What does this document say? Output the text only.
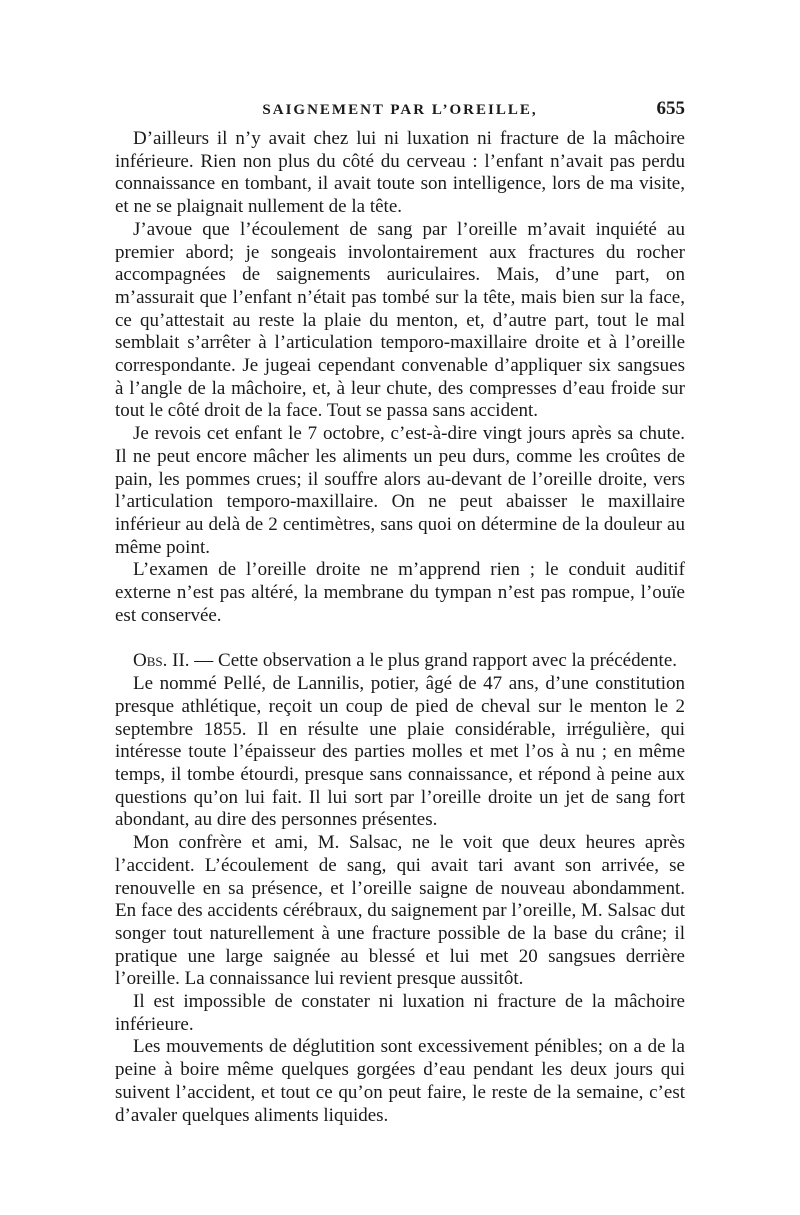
SAIGNEMENT PAR L’OREILLE,	655

D’ailleurs il n’y avait chez lui ni luxation ni fracture de la mâchoire inférieure. Rien non plus du côté du cerveau : l’enfant n’avait pas perdu connaissance en tombant, il avait toute son intelligence, lors de ma visite, et ne se plaignait nullement de la tête.

J’avoue que l’écoulement de sang par l’oreille m’avait inquiété au premier abord; je songeais involontairement aux fractures du rocher accompagnées de saignements auriculaires. Mais, d’une part, on m’assurait que l’enfant n’était pas tombé sur la tête, mais bien sur la face, ce qu’attestait au reste la plaie du menton, et, d’autre part, tout le mal semblait s’arrêter à l’articulation temporo-maxillaire droite et à l’oreille correspondante. Je jugeai cependant convenable d’appliquer six sangsues à l’angle de la mâchoire, et, à leur chute, des compresses d’eau froide sur tout le côté droit de la face. Tout se passa sans accident.

Je revois cet enfant le 7 octobre, c’est-à-dire vingt jours après sa chute. Il ne peut encore mâcher les aliments un peu durs, comme les croûtes de pain, les pommes crues; il souffre alors au-devant de l’oreille droite, vers l’articulation temporo-maxillaire. On ne peut abaisser le maxillaire inférieur au delà de 2 centimètres, sans quoi on détermine de la douleur au même point.

L’examen de l’oreille droite ne m’apprend rien ; le conduit auditif externe n’est pas altéré, la membrane du tympan n’est pas rompue, l’ouïe est conservée.

Obs. II. — Cette observation a le plus grand rapport avec la précédente.

Le nommé Pellé, de Lannilis, potier, âgé de 47 ans, d’une constitution presque athlétique, reçoit un coup de pied de cheval sur le menton le 2 septembre 1855. Il en résulte une plaie considérable, irrégulière, qui intéresse toute l’épaisseur des parties molles et met l’os à nu ; en même temps, il tombe étourdi, presque sans connaissance, et répond à peine aux questions qu’on lui fait. Il lui sort par l’oreille droite un jet de sang fort abondant, au dire des personnes présentes.

Mon confrère et ami, M. Salsac, ne le voit que deux heures après l’accident. L’écoulement de sang, qui avait tari avant son arrivée, se renouvelle en sa présence, et l’oreille saigne de nouveau abondamment. En face des accidents cérébraux, du saignement par l’oreille, M. Salsac dut songer tout naturellement à une fracture possible de la base du crâne; il pratique une large saignée au blessé et lui met 20 sangsues derrière l’oreille. La connaissance lui revient presque aussitôt.

Il est impossible de constater ni luxation ni fracture de la mâchoire inférieure.

Les mouvements de déglutition sont excessivement pénibles; on a de la peine à boire même quelques gorgées d’eau pendant les deux jours qui suivent l’accident, et tout ce qu’on peut faire, le reste de la semaine, c’est d’avaler quelques aliments liquides.
